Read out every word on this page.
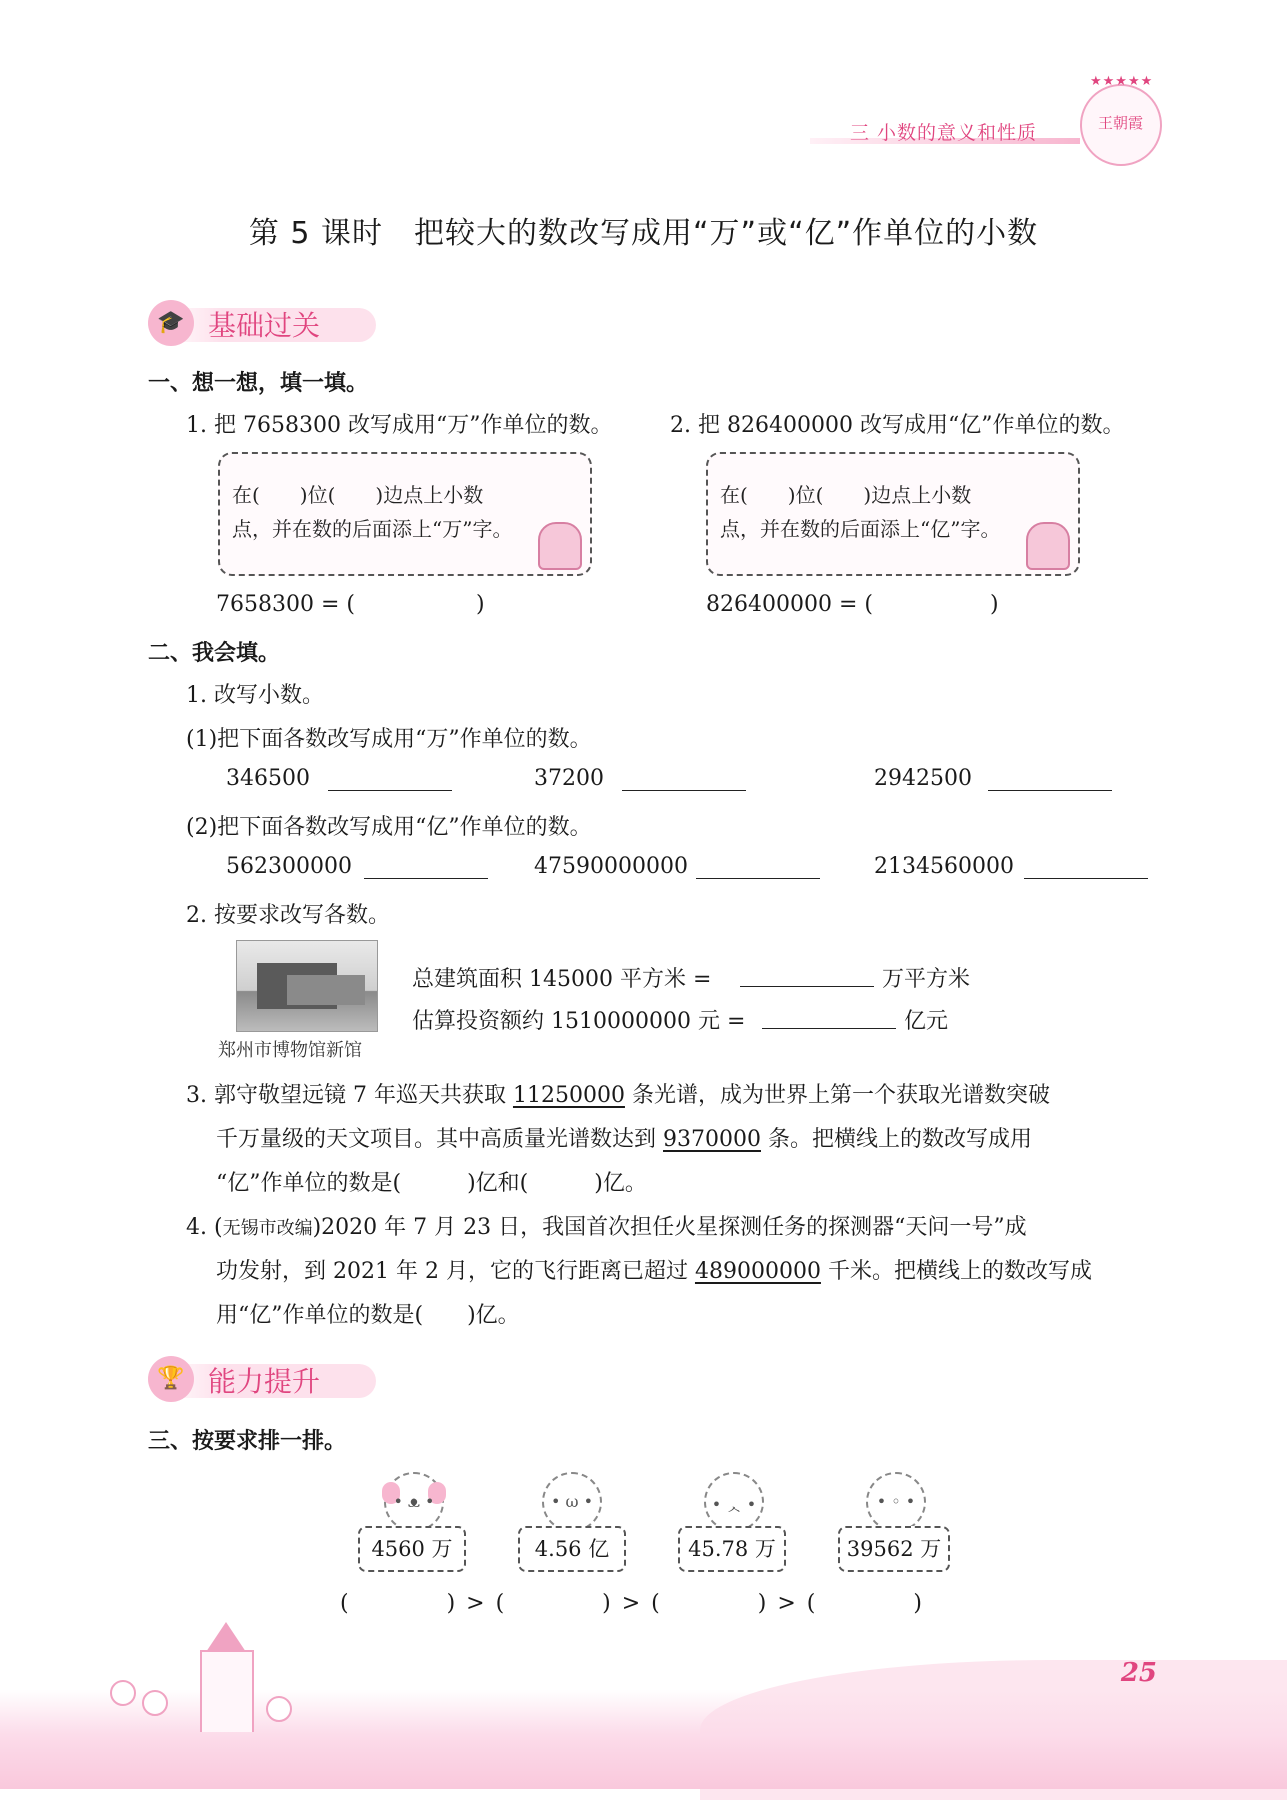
★★★★★
王朝霞
三 小数的意义和性质
第 5 课时　把较大的数改写成用“万”或“亿”作单位的小数
🎓 基础过关
一、想一想，填一填。
1. 把 7658300 改写成用“万”作单位的数。
在(　　)位(　　)边点上小数
点，并在数的后面添上“万”字。
7658300 = (	)
2. 把 826400000 改写成用“亿”作单位的数。
在(　　)位(　　)边点上小数
点，并在数的后面添上“亿”字。
826400000 = (	)
二、我会填。
1. 改写小数。
(1)把下面各数改写成用“万”作单位的数。
346500	37200	2942500
(2)把下面各数改写成用“亿”作单位的数。
562300000	47590000000	2134560000
2. 按要求改写各数。
郑州市博物馆新馆
总建筑面积 145000 平方米 =	万平方米
估算投资额约 1510000000 元 =	亿元
3. 郭守敬望远镜 7 年巡天共获取 11250000 条光谱，成为世界上第一个获取光谱数突破
千万量级的天文项目。其中高质量光谱数达到 9370000 条。把横线上的数改写成用
“亿”作单位的数是(　　　)亿和(　　　)亿。
4. (无锡市改编)2020 年 7 月 23 日，我国首次担任火星探测任务的探测器“天问一号”成
功发射，到 2021 年 2 月，它的飞行距离已超过 489000000 千米。把横线上的数改写成
用“亿”作单位的数是(　　)亿。
🏆 能力提升
三、按要求排一排。
• ᴥ •	• ω •	• ᆺ •	• ◦ •
4560 万	4.56 亿	45.78 万	39562 万
(　　　　) > (　　　　) > (　　　　) > (　　　　)
25
